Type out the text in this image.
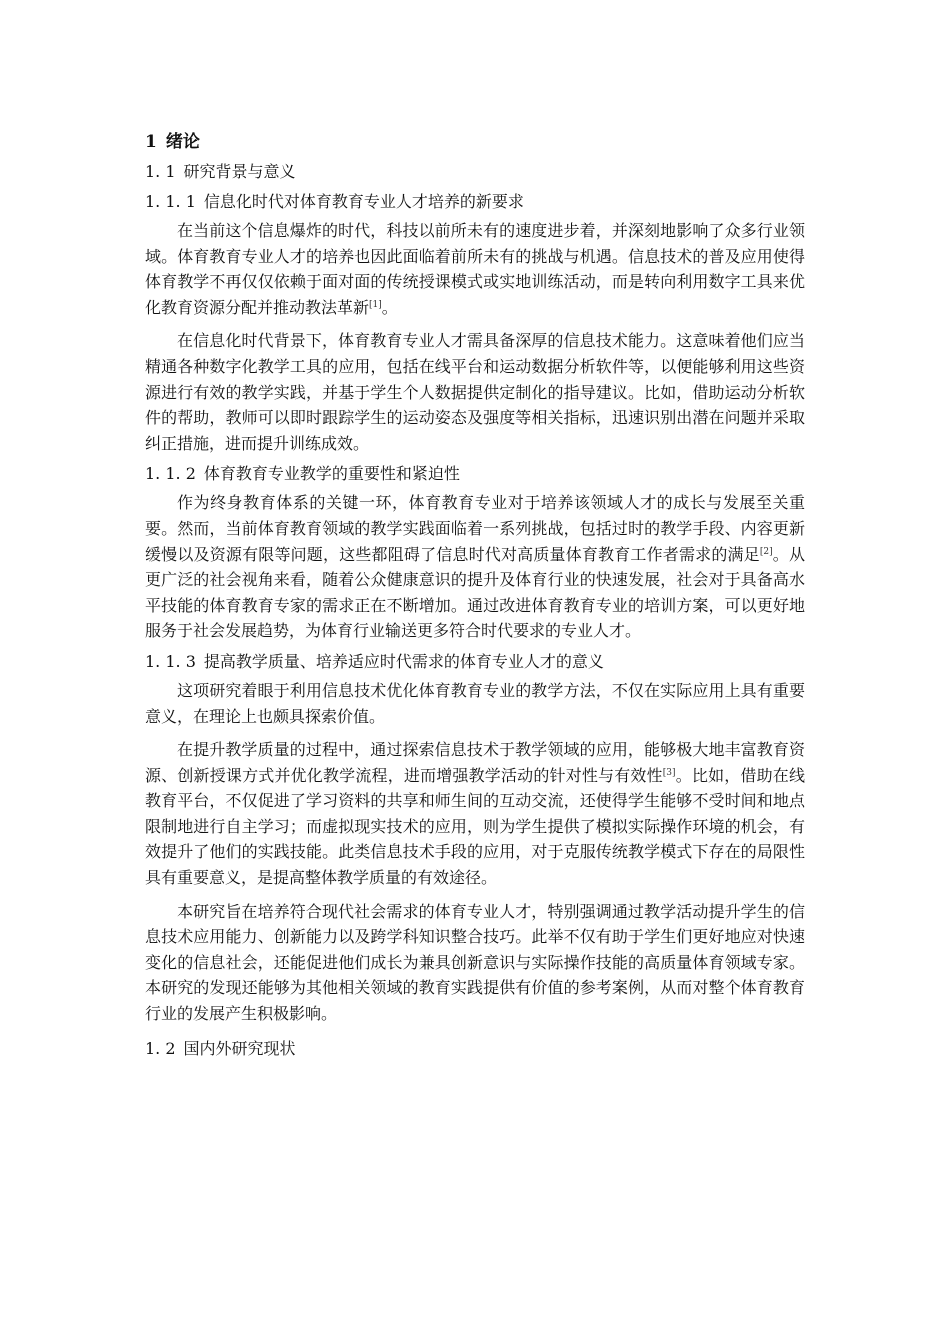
1 绪论
1. 1 研究背景与意义
1. 1. 1 信息化时代对体育教育专业人才培养的新要求

在当前这个信息爆炸的时代，科技以前所未有的速度进步着，并深刻地影响了众多行业领域。体育教育专业人才的培养也因此面临着前所未有的挑战与机遇。信息技术的普及应用使得体育教学不再仅仅依赖于面对面的传统授课模式或实地训练活动，而是转向利用数字工具来优化教育资源分配并推动教法革新[1]。

在信息化时代背景下，体育教育专业人才需具备深厚的信息技术能力。这意味着他们应当精通各种数字化教学工具的应用，包括在线平台和运动数据分析软件等，以便能够利用这些资源进行有效的教学实践，并基于学生个人数据提供定制化的指导建议。比如，借助运动分析软件的帮助，教师可以即时跟踪学生的运动姿态及强度等相关指标，迅速识别出潜在问题并采取纠正措施，进而提升训练成效。

1. 1. 2 体育教育专业教学的重要性和紧迫性

作为终身教育体系的关键一环，体育教育专业对于培养该领域人才的成长与发展至关重要。然而，当前体育教育领域的教学实践面临着一系列挑战，包括过时的教学手段、内容更新缓慢以及资源有限等问题，这些都阻碍了信息时代对高质量体育教育工作者需求的满足[2]。从更广泛的社会视角来看，随着公众健康意识的提升及体育行业的快速发展，社会对于具备高水平技能的体育教育专家的需求正在不断增加。通过改进体育教育专业的培训方案，可以更好地服务于社会发展趋势，为体育行业输送更多符合时代要求的专业人才。

1. 1. 3 提高教学质量、培养适应时代需求的体育专业人才的意义

这项研究着眼于利用信息技术优化体育教育专业的教学方法，不仅在实际应用上具有重要意义，在理论上也颇具探索价值。

在提升教学质量的过程中，通过探索信息技术于教学领域的应用，能够极大地丰富教育资源、创新授课方式并优化教学流程，进而增强教学活动的针对性与有效性[3]。比如，借助在线教育平台，不仅促进了学习资料的共享和师生间的互动交流，还使得学生能够不受时间和地点限制地进行自主学习；而虚拟现实技术的应用，则为学生提供了模拟实际操作环境的机会，有效提升了他们的实践技能。此类信息技术手段的应用，对于克服传统教学模式下存在的局限性具有重要意义，是提高整体教学质量的有效途径。

本研究旨在培养符合现代社会需求的体育专业人才，特别强调通过教学活动提升学生的信息技术应用能力、创新能力以及跨学科知识整合技巧。此举不仅有助于学生们更好地应对快速变化的信息社会，还能促进他们成长为兼具创新意识与实际操作技能的高质量体育领域专家。本研究的发现还能够为其他相关领域的教育实践提供有价值的参考案例，从而对整个体育教育行业的发展产生积极影响。

1. 2 国内外研究现状
